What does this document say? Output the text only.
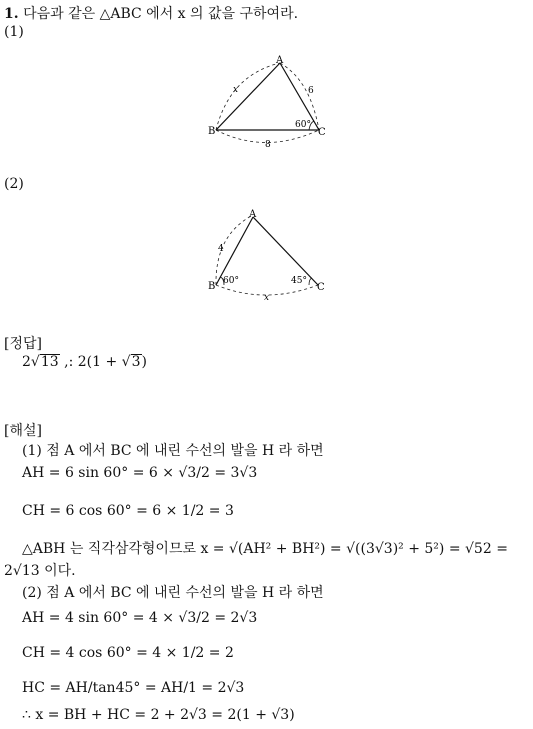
1. 다음과 같은 △ABC 에서 x 의 값을 구하여라.
(1)
A
B	C
x	6
60°
8
(2)
A
B	C
4
60°	45°
x
[정답]
2√13 ,: 2(1 + √3)
[해설]
(1) 점 A 에서 BC 에 내린 수선의 발을 H 라 하면
AH = 6 sin 60° = 6 × √3/2 = 3√3
CH = 6 cos 60° = 6 × 1/2 = 3
△ABH 는 직각삼각형이므로 x = √(AH² + BH²) = √((3√3)² + 5²) = √52 =
2√13 이다.
(2) 점 A 에서 BC 에 내린 수선의 발을 H 라 하면
AH = 4 sin 60° = 4 × √3/2 = 2√3
CH = 4 cos 60° = 4 × 1/2 = 2
HC = AH/tan45° = AH/1 = 2√3
∴ x = BH + HC = 2 + 2√3 = 2(1 + √3)
